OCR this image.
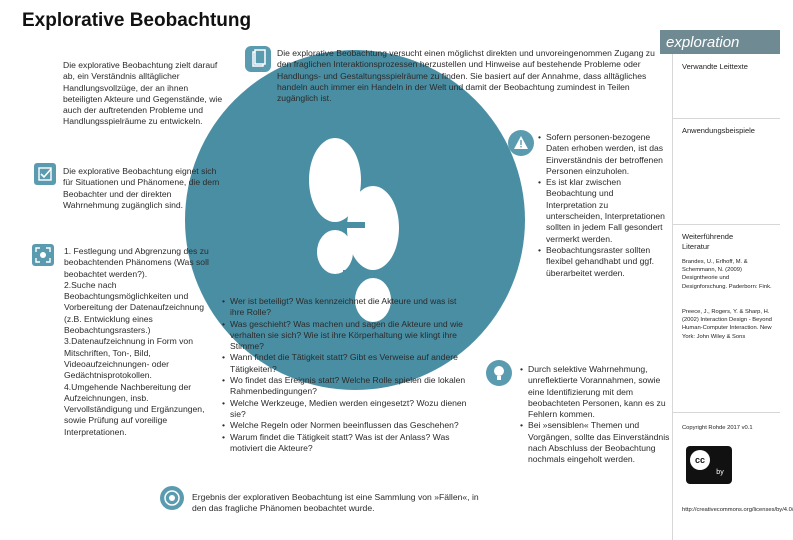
Explorative Beobachtung
Die explorative Beobachtung zielt darauf ab, ein Verständnis alltäglicher Handlungsvollzüge, der an ihnen beteiligten Akteure und Gegenstände, wie auch der auftretenden Probleme und Handlungsspielräume zu entwickeln.
Die explorative Beobachtung eignet sich für Situationen und Phänomene, die dem Beobachter und der direkten Wahrnehmung zugänglich sind.
1. Festlegung und Abgrenzung des zu beobachtenden Phänomens (Was soll beobachtet werden?).
2.Suche nach Beobachtungsmöglichkeiten und Vorbereitung der Datenaufzeichnung (z.B. Entwicklung eines Beobachtungsrasters.)
3.Datenaufzeichnung in Form von Mitschriften, Ton-, Bild, Videoaufzeichnungen- oder Gedächtnisprotokollen.
4.Umgehende Nachbereitung der Aufzeichnungen, insb. Vervollständigung und Ergänzungen, sowie Prüfung auf voreilige Interpretationen.
Die explorative Beobachtung versucht einen möglichst direkten und unvoreingenommen Zugang zu den fraglichen Interaktionsprozessen herzustellen und Hinweise auf bestehende Probleme oder Handlungs- und Gestaltungsspielräume zu finden. Sie basiert auf der Annahme, dass alltägliches handeln auch immer ein Handeln in der Welt und damit der Beobachtung zumindest in Teilen zugänglich ist.
• Wer ist beteiligt? Was kennzeichnet die Akteure und was ist ihre Rolle?
• Was geschieht? Was machen und sagen die Akteure und wie verhalten sie sich? Wie ist ihre Körperhaltung wie klingt ihre Stimme?
• Wann findet die Tätigkeit statt? Gibt es Verweise auf andere Tätigkeiten?
• Wo findet das Ereignis statt? Welche Rolle spielen die lokalen Rahmenbedingungen?
• Welche Werkzeuge, Medien werden eingesetzt? Wozu dienen sie?
• Welche Regeln oder Normen beeinflussen das Geschehen?
• Warum findet die Tätigkeit statt? Was ist der Anlass? Was motiviert die Akteure?
Ergebnis der explorativen Beobachtung ist eine Sammlung von »Fällen«, in den das fragliche Phänomen beobachtet wurde.
• Sofern personen-bezogene Daten erhoben werden, ist das Einverständnis der betroffenen Personen einzuholen.
• Es ist klar zwischen Beobachtung und Interpretation zu unterscheiden, Interpretationen sollten in jedem Fall gesondert vermerkt werden.
• Beobachtungsraster sollten flexibel gehandhabt und ggf. überarbeitet werden.
• Durch selektive Wahrnehmung, unreflektierte Vorannahmen, sowie eine Identifizierung mit dem beobachteten Personen, kann es zu Fehlern kommen.
• Bei »sensiblen« Themen und Vorgängen, sollte das Einverständnis nach Abschluss der Beobachtung nochmals eingeholt werden.
exploration
Verwandte Leittexte
Anwendungsbeispiele
Weiterführende Literatur
Brandes, U., Erlhoff, M. & Schemmann, N. (2009) Designtheorie und Designforschung. Paderborn: Fink.
Preece, J., Rogers, Y. & Sharp, H. (2002) Interaction Design - Beyond Human-Computer Interaction. New York: John Wiley & Sons
Copyright Rohde 2017 v0.1
cc
by
http://creativecommons.org/licenses/by/4.0/
